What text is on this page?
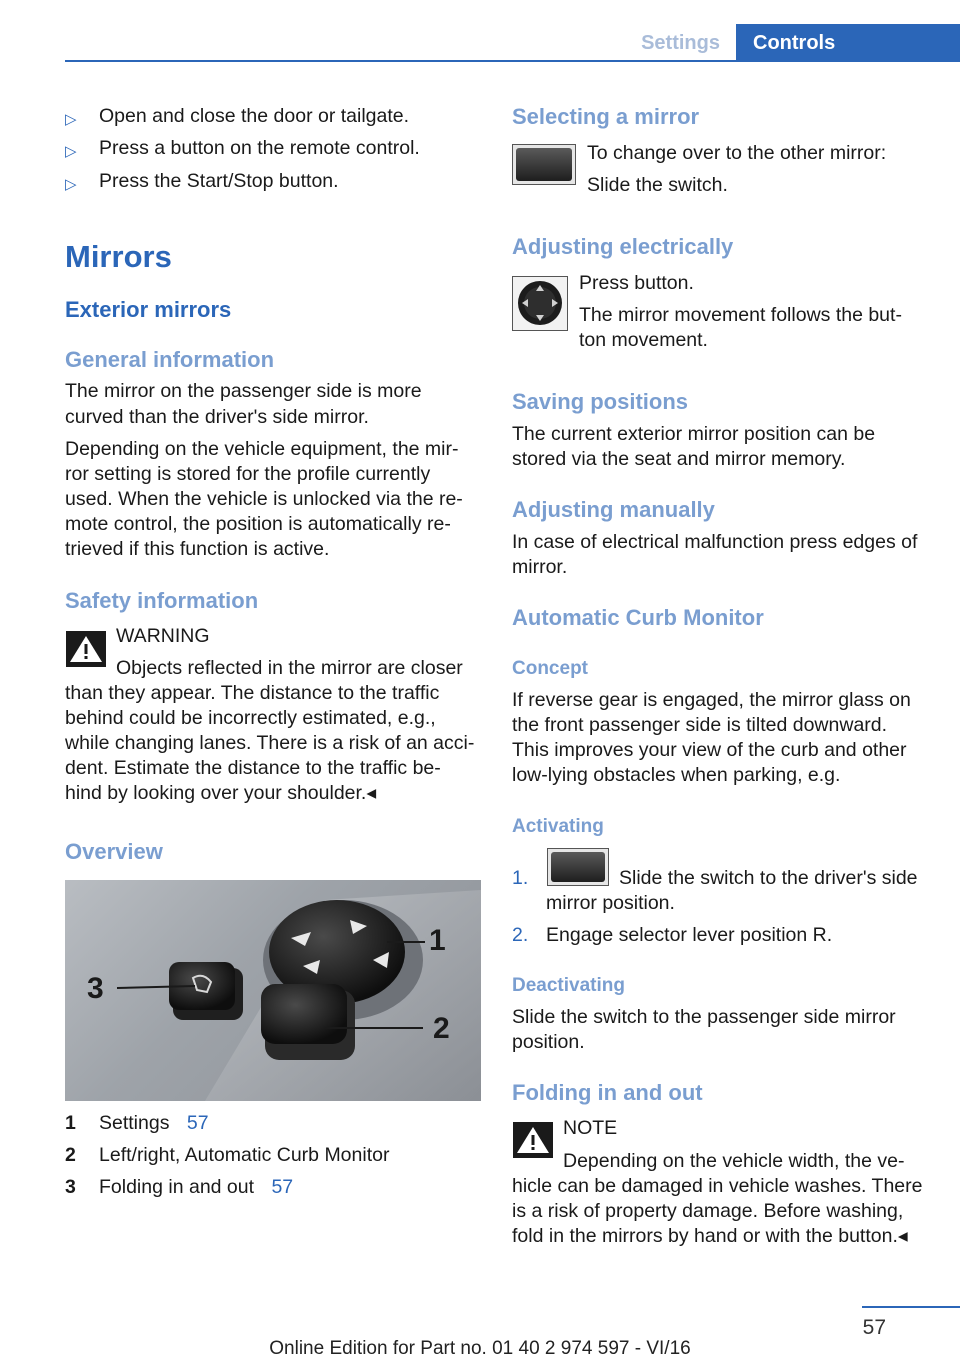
Settings	Controls
▷ Open and close the door or tailgate.
▷ Press a button on the remote control.
▷ Press the Start/Stop button.
Mirrors
Exterior mirrors
General information

The mirror on the passenger side is more curved than the driver's side mirror.

Depending on the vehicle equipment, the mir-

ror setting is stored for the profile currently

used. When the vehicle is unlocked via the re-

mote control, the position is automatically re-

trieved if this function is active.

Safety information

WARNING

Objects reflected in the mirror are closer

than they appear. The distance to the traffic

behind could be incorrectly estimated, e.g.,

while changing lanes. There is a risk of an acci-

dent. Estimate the distance to the traffic be-

hind by looking over your shoulder.◂

Overview
1
2
3
1 Settings 57
2 Left/right, Automatic Curb Monitor
3 Folding in and out 57
Selecting a mirror

To change over to the other mirror:

Slide the switch.

Adjusting electrically

Press button.

The mirror movement follows the but-

ton movement.

Saving positions

The current exterior mirror position can be

stored via the seat and mirror memory.

Adjusting manually

In case of electrical malfunction press edges of

mirror.

Automatic Curb Monitor
Concept

If reverse gear is engaged, the mirror glass on

the front passenger side is tilted downward.

This improves your view of the curb and other

low-lying obstacles when parking, e.g.

Activating

1.	Slide the switch to the driver's side

mirror position.

2. Engage selector lever position R.

Deactivating

Slide the switch to the passenger side mirror

position.

Folding in and out

NOTE

Depending on the vehicle width, the ve-

hicle can be damaged in vehicle washes. There

is a risk of property damage. Before washing,

fold in the mirrors by hand or with the button.◂

57
Online Edition for Part no. 01 40 2 974 597 - VI/16
